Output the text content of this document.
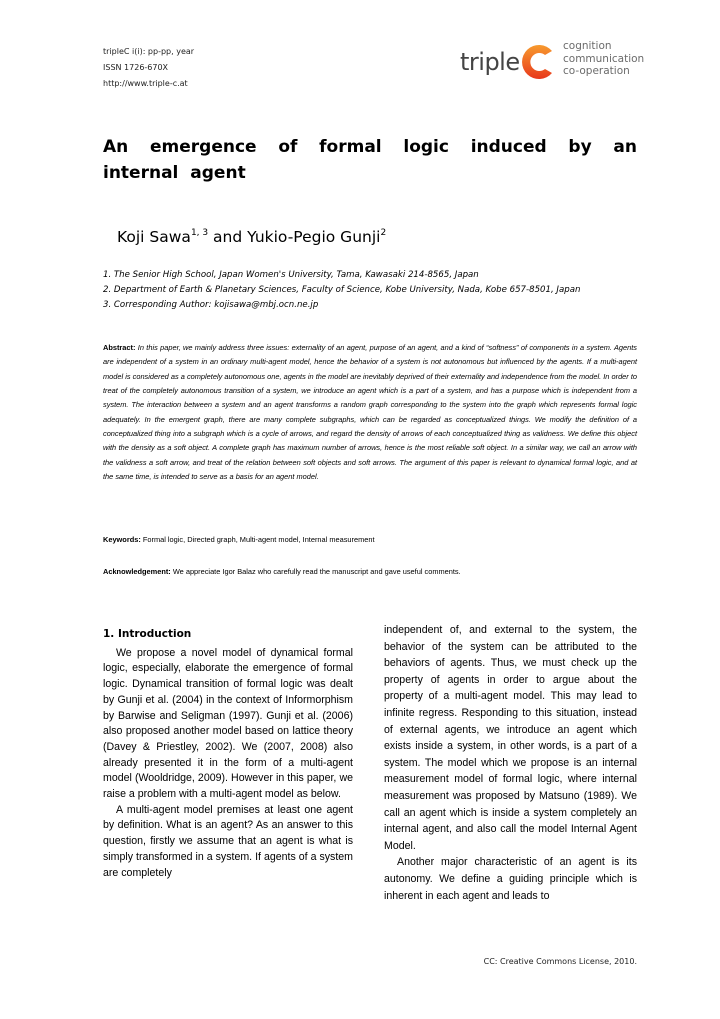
tripleC i(i): pp-pp, year
ISSN 1726-670X
http://www.triple-c.at
triple
cognition
communication
co-operation
An emergence of formal logic induced by an internal agent
Koji Sawa$^{1, 3}$ and Yukio-Pegio Gunji$^2$
1. The Senior High School, Japan Women's University, Tama, Kawasaki 214-8565, Japan
2. Department of Earth & Planetary Sciences, Faculty of Science, Kobe University, Nada, Kobe 657-8501, Japan
3. Corresponding Author: kojisawa@mbj.ocn.ne.jp
Abstract: In this paper, we mainly address three issues: externality of an agent, purpose of an agent, and a kind of “softness” of components in a system. Agents are independent of a system in an ordinary multi-agent model, hence the behavior of a system is not autonomous but influenced by the agents. If a multi-agent model is considered as a completely autonomous one, agents in the model are inevitably deprived of their externality and independence from the model. In order to treat of the completely autonomous transition of a system, we introduce an agent which is a part of a system, and has a purpose which is independent from a system. The interaction between a system and an agent transforms a random graph corresponding to the system into the graph which represents formal logic adequately. In the emergent graph, there are many complete subgraphs, which can be regarded as conceptualized things. We modify the definition of a conceptualized thing into a subgraph which is a cycle of arrows, and regard the density of arrows of each conceptualized thing as validness. We define this object with the density as a soft object. A complete graph has maximum number of arrows, hence is the most reliable soft object. In a similar way, we call an arrow with the validness a soft arrow, and treat of the relation between soft objects and soft arrows. The argument of this paper is relevant to dynamical formal logic, and at the same time, is intended to serve as a basis for an agent model.
Keywords: Formal logic, Directed graph, Multi-agent model, Internal measurement
Acknowledgement: We appreciate Igor Balaz who carefully read the manuscript and gave useful comments.
1. Introduction

We propose a novel model of dynamical formal logic, especially, elaborate the emergence of formal logic. Dynamical transition of formal logic was dealt by Gunji et al. (2004) in the context of Informorphism by Barwise and Seligman (1997). Gunji et al. (2006) also proposed another model based on lattice theory (Davey & Priestley, 2002). We (2007, 2008) also already presented it in the form of a multi-agent model (Wooldridge, 2009). However in this paper, we raise a problem with a multi-agent model as below.

A multi-agent model premises at least one agent by definition. What is an agent? As an answer to this question, firstly we assume that an agent is what is simply transformed in a system. If agents of a system are completely

independent of, and external to the system, the behavior of the system can be attributed to the behaviors of agents. Thus, we must check up the property of agents in order to argue about the property of a multi-agent model. This may lead to infinite regress. Responding to this situation, instead of external agents, we introduce an agent which exists inside a system, in other words, is a part of a system. The model which we propose is an internal measurement model of formal logic, where internal measurement was proposed by Matsuno (1989). We call an agent which is inside a system completely an internal agent, and also call the model Internal Agent Model.

Another major characteristic of an agent is its autonomy. We define a guiding principle which is inherent in each agent and leads to

CC: Creative Commons License, 2010.
